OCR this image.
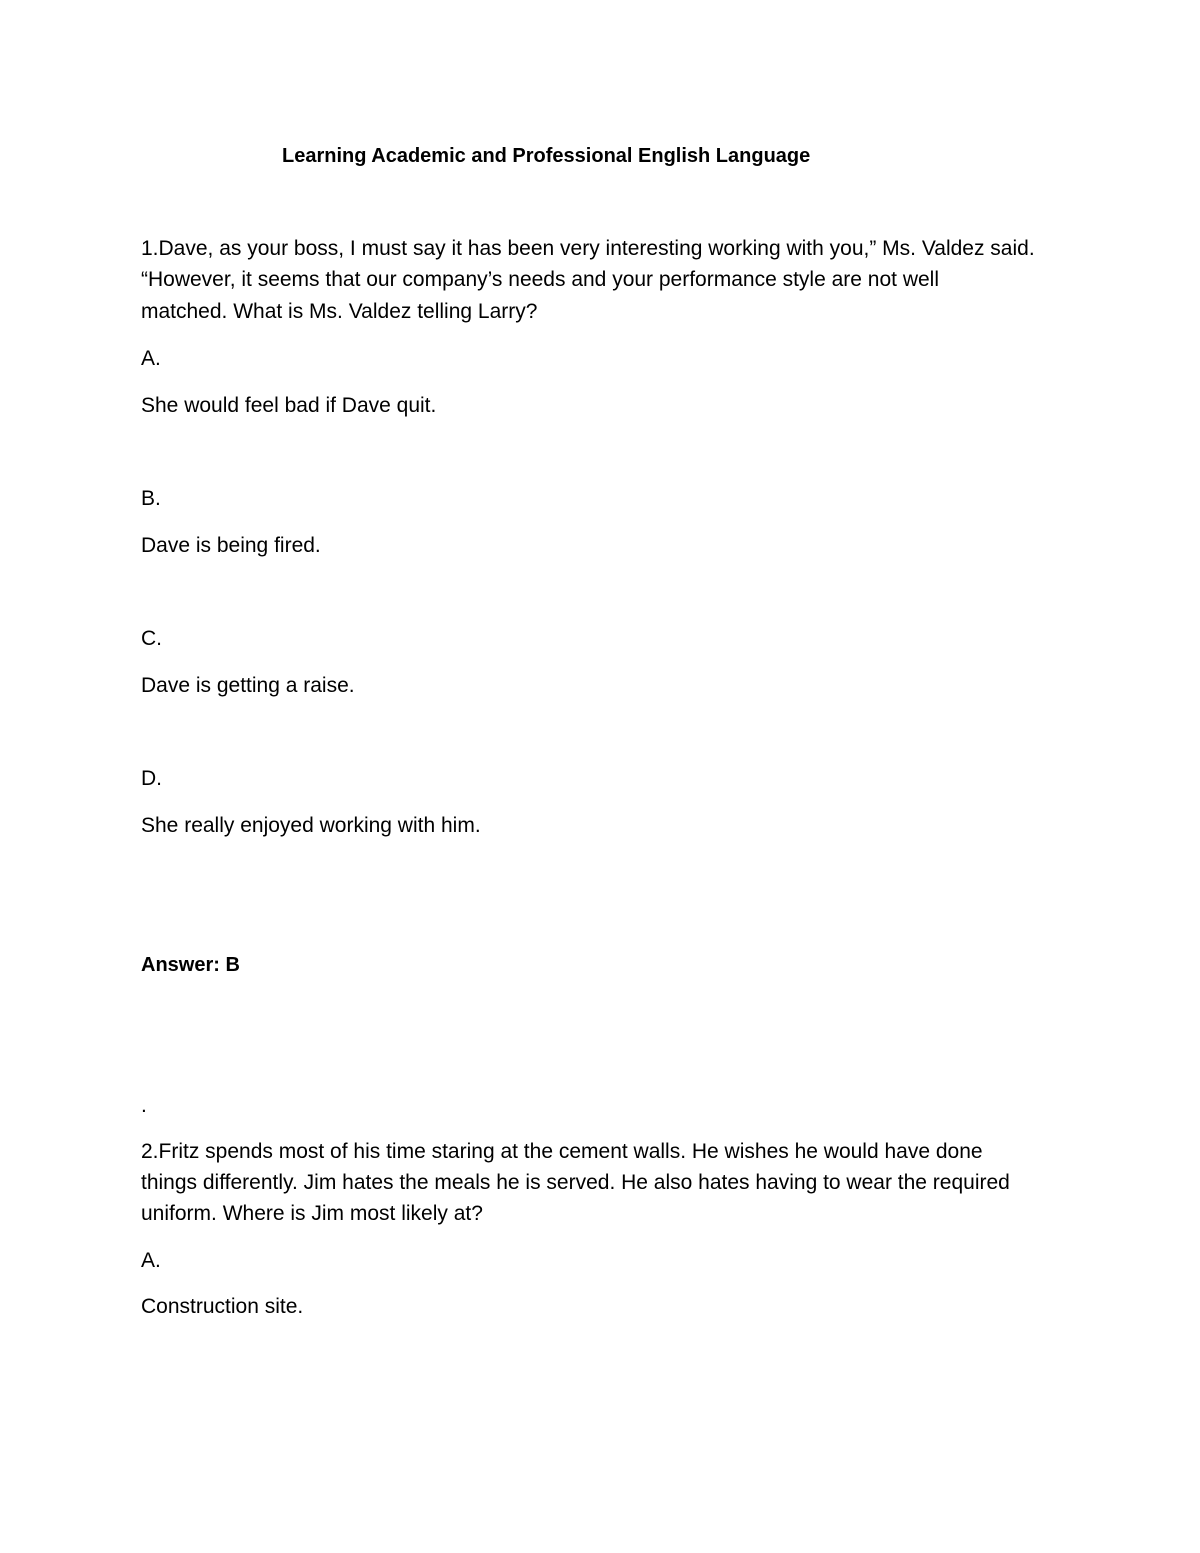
Learning Academic and Professional English Language

1.Dave, as your boss, I must say it has been very interesting working with you,” Ms. Valdez said.

“However, it seems that our company’s needs and your performance style are not well

matched. What is Ms. Valdez telling Larry?

A.

She would feel bad if Dave quit.

B.

Dave is being fired.

C.

Dave is getting a raise.

D.

She really enjoyed working with him.

Answer: B

.

2.Fritz spends most of his time staring at the cement walls. He wishes he would have done

things differently. Jim hates the meals he is served. He also hates having to wear the required

uniform. Where is Jim most likely at?

A.

Construction site.
